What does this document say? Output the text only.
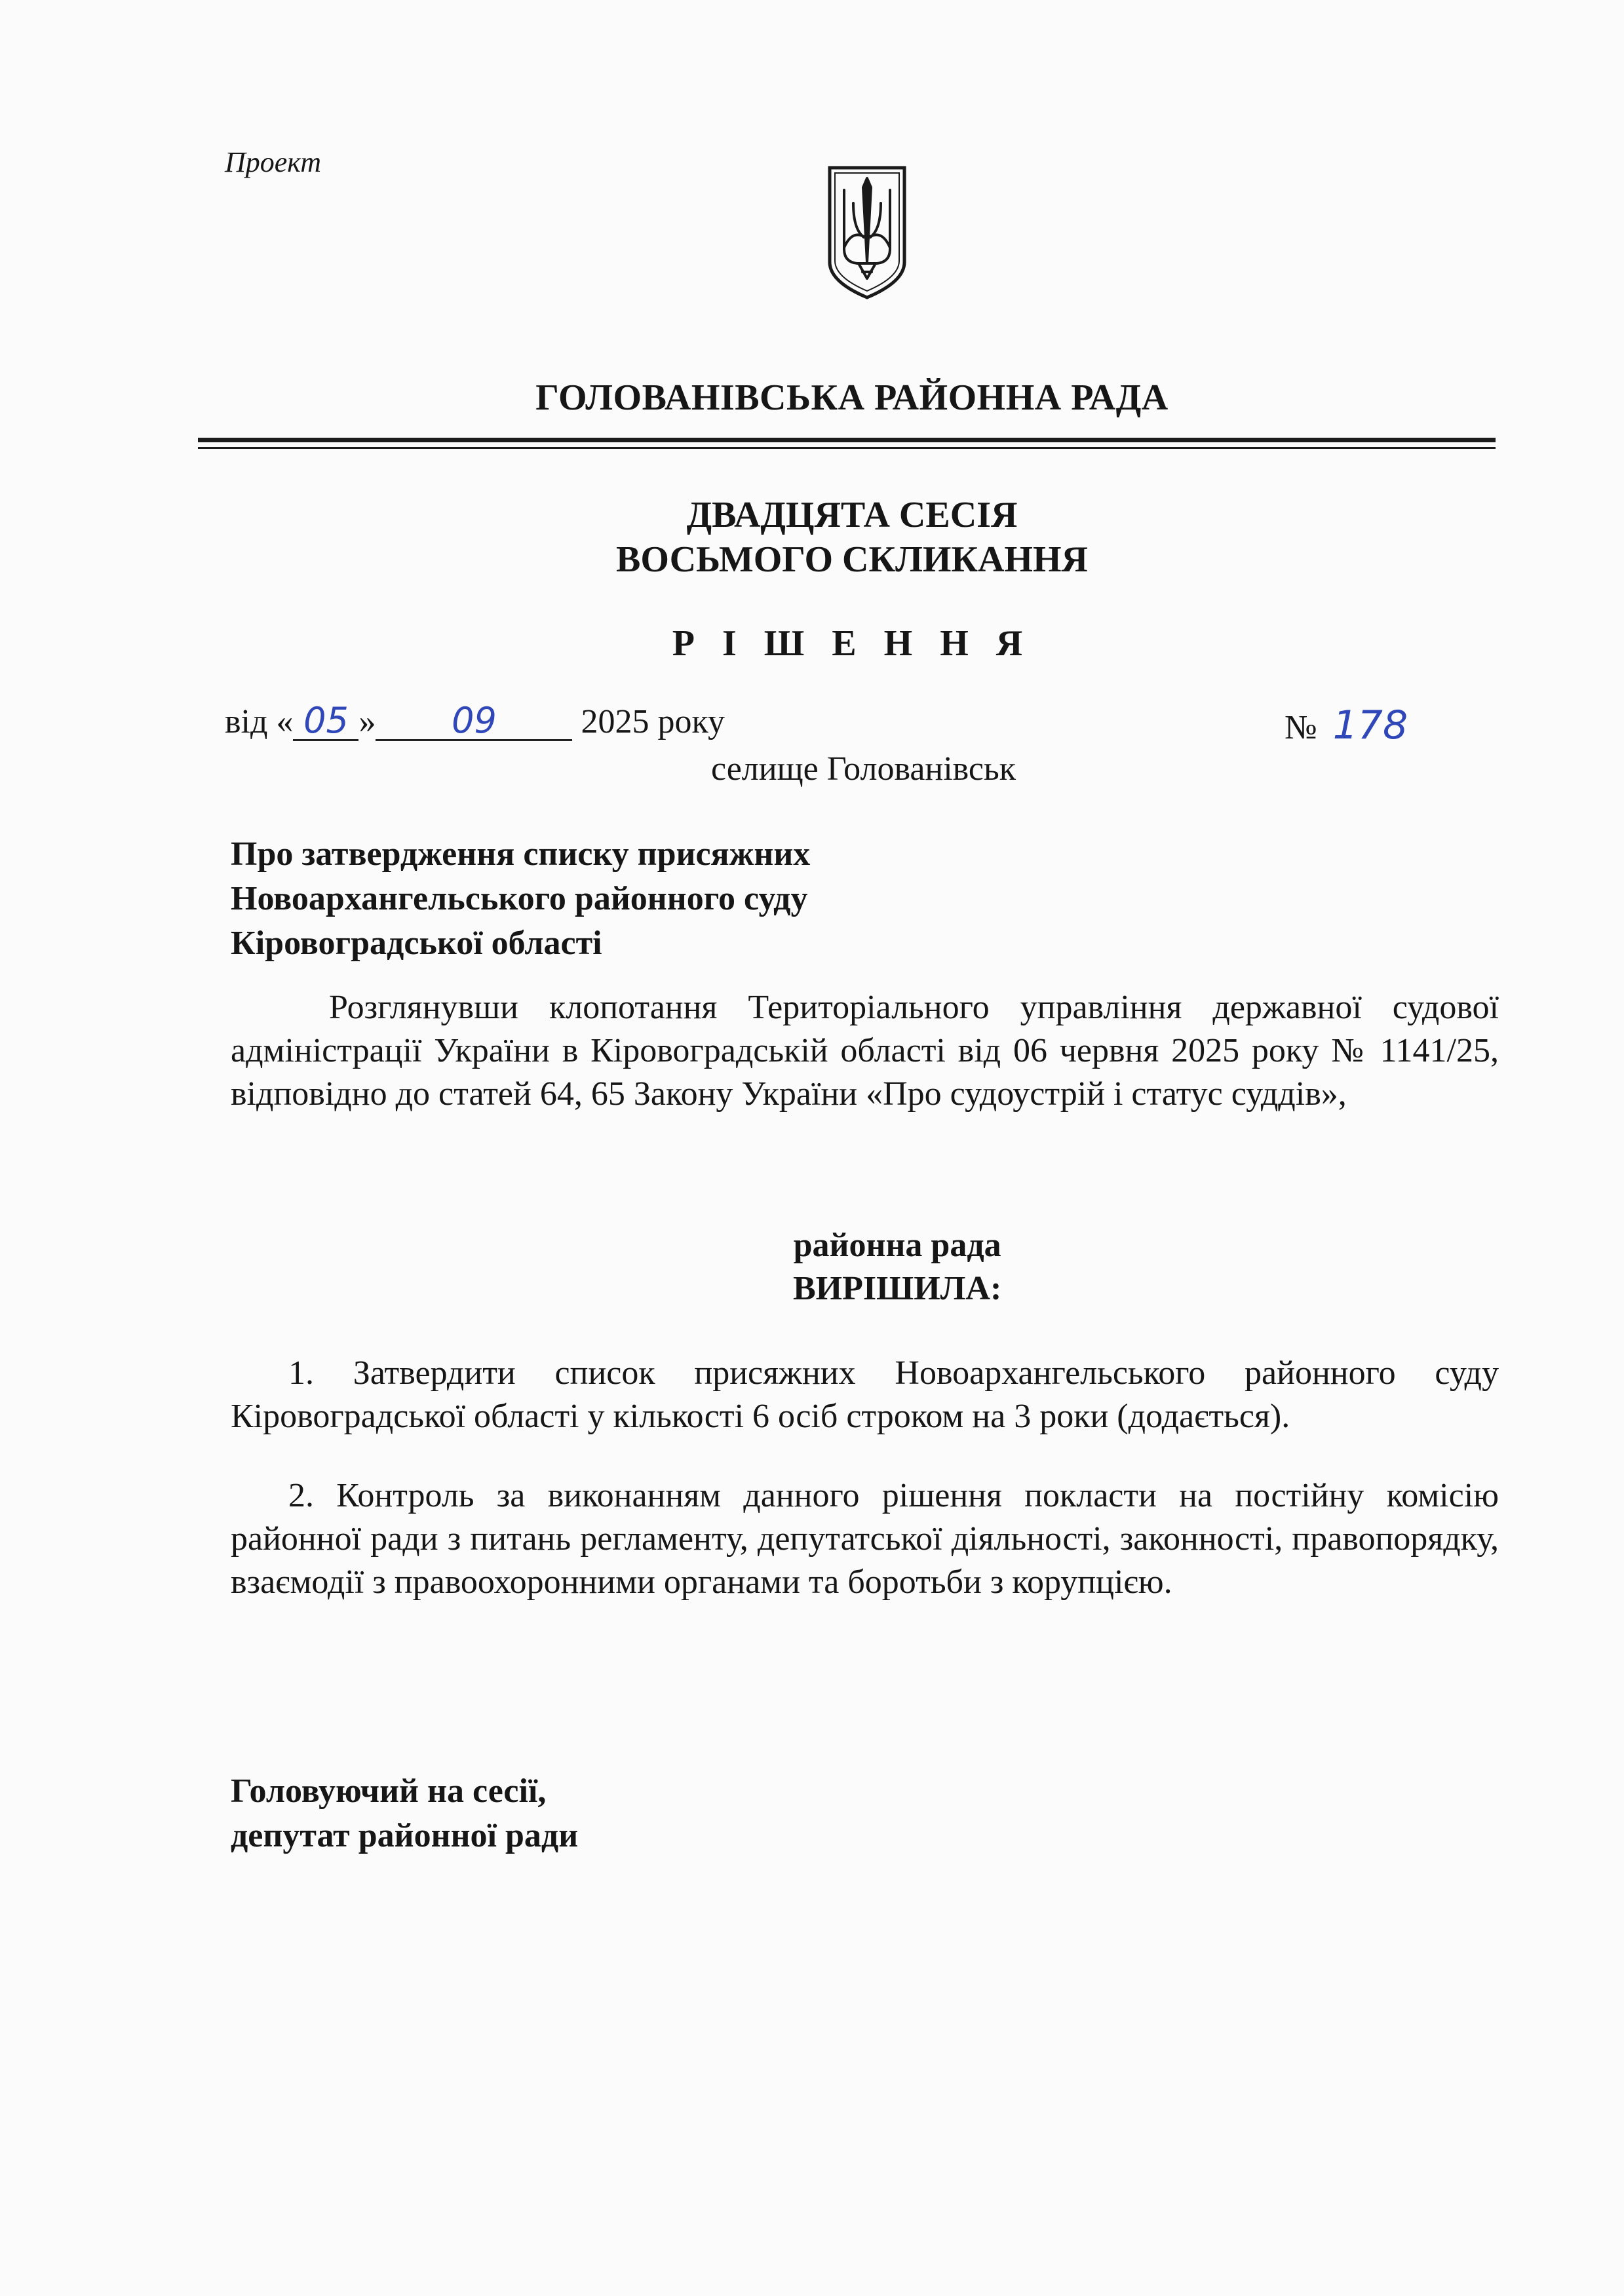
Проект
ГОЛОВАНІВСЬКА РАЙОННА РАДА
ДВАДЦЯТА СЕСІЯ
ВОСЬМОГО СКЛИКАННЯ
Р І Ш Е Н Н Я
від « 05 » 09 2025 року	№ 178
селище Голованівськ
Про затвердження списку присяжних
Новоархангельського районного суду
Кіровоградської області
Розглянувши клопотання Територіального управління державної судової адміністрації України в Кіровоградській області від 06 червня 2025 року № 1141/25, відповідно до статей 64, 65 Закону України «Про судоустрій і статус суддів»,
районна рада
ВИРІШИЛА:
1. Затвердити список присяжних Новоархангельського районного суду Кіровоградської області у кількості 6 осіб строком на 3 роки (додається).
2. Контроль за виконанням данного рішення покласти на постійну комісію районної ради з питань регламенту, депутатської діяльності, законності, правопорядку, взаємодії з правоохоронними органами та боротьби з корупцією.
Головуючий на сесії,
депутат районної ради
